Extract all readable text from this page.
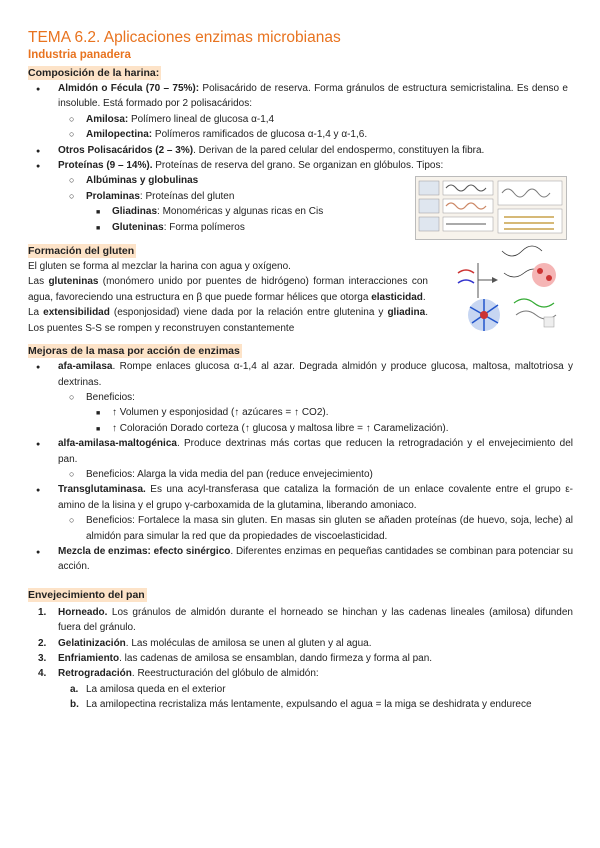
TEMA 6.2. Aplicaciones enzimas microbianas
Industria panadera
Composición de la harina:
● Almidón o Fécula (70 – 75%): Polisacárido de reserva. Forma gránulos de estructura semicristalina. Es denso e insoluble. Está formado por 2 polisacáridos:
○ Amilosa: Polímero lineal de glucosa α-1,4
○ Amilopectina: Polímeros ramificados de glucosa α-1,4 y α-1,6.
● Otros Polisacáridos (2 – 3%). Derivan de la pared celular del endospermo, constituyen la fibra.
● Proteínas (9 – 14%). Proteínas de reserva del grano. Se organizan en glóbulos. Tipos:
○ Albúminas y globulinas
○ Prolaminas: Proteínas del gluten
■ Gliadinas: Monoméricas y algunas ricas en Cis
■ Gluteninas: Forma polímeros
Formación del gluten

El gluten se forma al mezclar la harina con agua y oxígeno.

Las gluteninas (monómero unido por puentes de hidrógeno) forman interacciones con agua, favoreciendo una estructura en β que puede formar hélices que otorga elasticidad.

La extensibilidad (esponjosidad) viene dada por la relación entre glutenina y gliadina. Los puentes S-S se rompen y reconstruyen constantemente

Mejoras de la masa por acción de enzimas
● afa-amilasa. Rompe enlaces glucosa α-1,4 al azar. Degrada almidón y produce glucosa, maltosa, maltotriosa y dextrinas.
○ Beneficios:
■ ↑ Volumen y esponjosidad (↑ azúcares = ↑ CO2).
■ ↑ Coloración Dorado corteza (↑ glucosa y maltosa libre = ↑ Caramelización).
● alfa-amilasa-maltogénica. Produce dextrinas más cortas que reducen la retrogradación y el envejecimiento del pan.
○ Beneficios: Alarga la vida media del pan (reduce envejecimiento)
● Transglutaminasa. Es una acyl-transferasa que cataliza la formación de un enlace covalente entre el grupo ε-amino de la lisina y el grupo γ-carboxamida de la glutamina, liberando amoniaco.
○ Beneficios: Fortalece la masa sin gluten. En masas sin gluten se añaden proteínas (de huevo, soja, leche) al almidón para simular la red que da propiedades de viscoelasticidad.
● Mezcla de enzimas: efecto sinérgico. Diferentes enzimas en pequeñas cantidades se combinan para potenciar su acción.
Envejecimiento del pan
1. Horneado. Los gránulos de almidón durante el horneado se hinchan y las cadenas lineales (amilosa) difunden fuera del gránulo.
2. Gelatinización. Las moléculas de amilosa se unen al gluten y al agua.
3. Enfriamiento. las cadenas de amilosa se ensamblan, dando firmeza y forma al pan.
4. Retrogradación. Reestructuración del glóbulo de almidón:
a. La amilosa queda en el exterior
b. La amilopectina recristaliza más lentamente, expulsando el agua = la miga se deshidrata y endurece
